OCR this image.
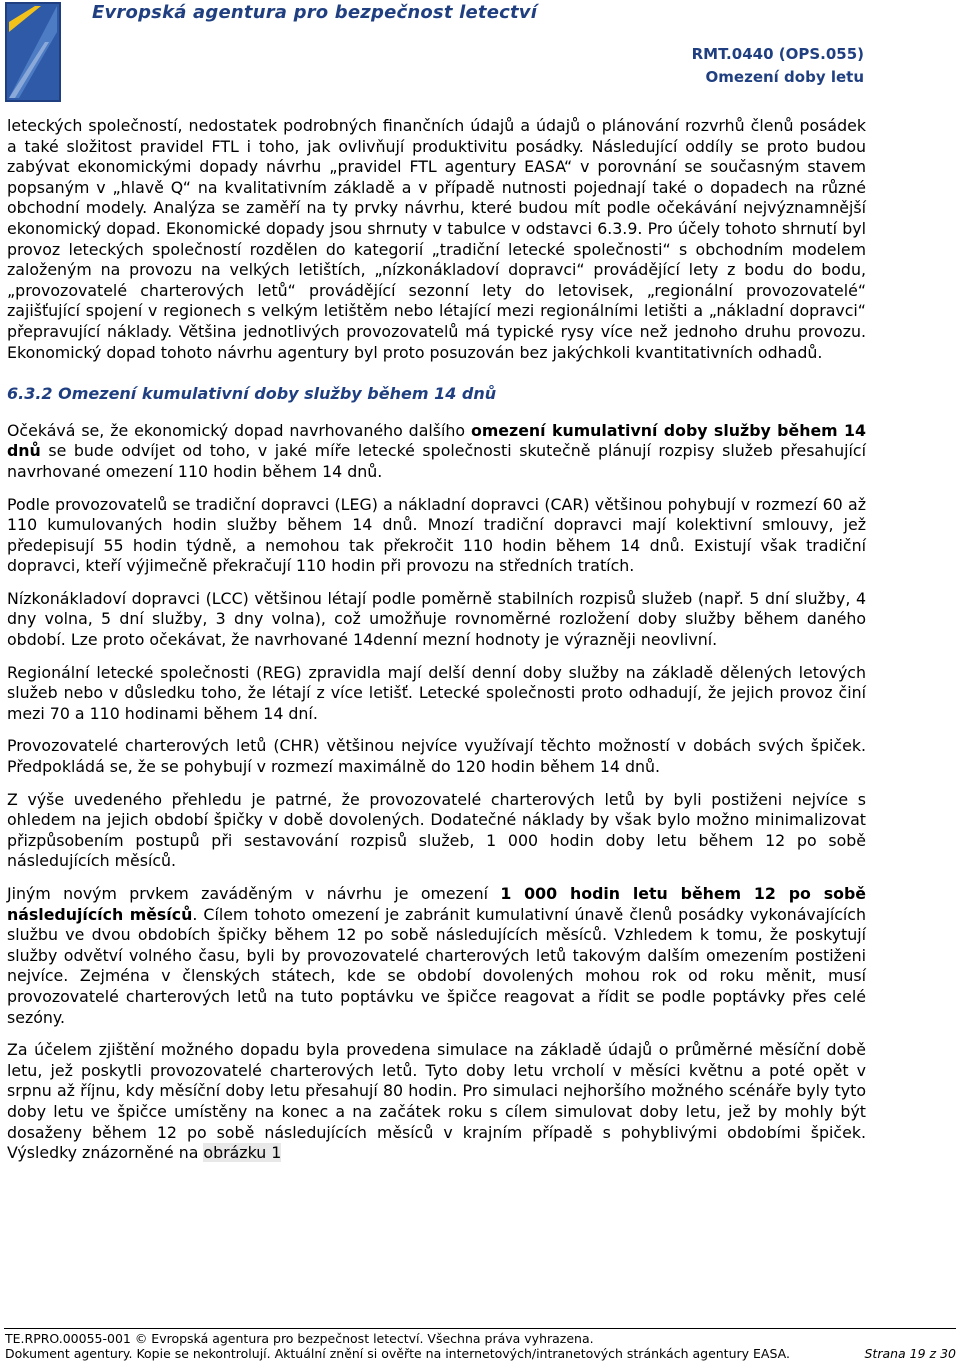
Evropská agentura pro bezpečnost letectví
RMT.0440 (OPS.055)
Omezení doby letu

leteckých společností, nedostatek podrobných finančních údajů a údajů o plánování rozvrhů členů posádek a také složitost pravidel FTL i toho, jak ovlivňují produktivitu posádky. Následující oddíly se proto budou zabývat ekonomickými dopady návrhu „pravidel FTL agentury EASA“ v porovnání se současným stavem popsaným v „hlavě Q“ na kvalitativním základě a v případě nutnosti pojednají také o dopadech na různé obchodní modely. Analýza se zaměří na ty prvky návrhu, které budou mít podle očekávání nejvýznamnější ekonomický dopad. Ekonomické dopady jsou shrnuty v tabulce v odstavci 6.3.9. Pro účely tohoto shrnutí byl provoz leteckých společností rozdělen do kategorií „tradiční letecké společnosti“ s obchodním modelem založeným na provozu na velkých letištích, „nízkonákladoví dopravci“ provádějící lety z bodu do bodu, „provozovatelé charterových letů“ provádějící sezonní lety do letovisek, „regionální provozovatelé“ zajišťující spojení v regionech s velkým letištěm nebo létající mezi regionálními letišti a „nákladní dopravci“ přepravující náklady. Většina jednotlivých provozovatelů má typické rysy více než jednoho druhu provozu. Ekonomický dopad tohoto návrhu agentury byl proto posuzován bez jakýchkoli kvantitativních odhadů.

6.3.2 Omezení kumulativní doby služby během 14 dnů

Očekává se, že ekonomický dopad navrhovaného dalšího omezení kumulativní doby služby během 14 dnů se bude odvíjet od toho, v jaké míře letecké společnosti skutečně plánují rozpisy služeb přesahující navrhované omezení 110 hodin během 14 dnů.

Podle provozovatelů se tradiční dopravci (LEG) a nákladní dopravci (CAR) většinou pohybují v rozmezí 60 až 110 kumulovaných hodin služby během 14 dnů. Mnozí tradiční dopravci mají kolektivní smlouvy, jež předepisují 55 hodin týdně, a nemohou tak překročit 110 hodin během 14 dnů. Existují však tradiční dopravci, kteří výjimečně překračují 110 hodin při provozu na středních tratích.

Nízkonákladoví dopravci (LCC) většinou létají podle poměrně stabilních rozpisů služeb (např. 5 dní služby, 4 dny volna, 5 dní služby, 3 dny volna), což umožňuje rovnoměrné rozložení doby služby během daného období. Lze proto očekávat, že navrhované 14denní mezní hodnoty je výrazněji neovlivní.

Regionální letecké společnosti (REG) zpravidla mají delší denní doby služby na základě dělených letových služeb nebo v důsledku toho, že létají z více letišť. Letecké společnosti proto odhadují, že jejich provoz činí mezi 70 a 110 hodinami během 14 dní.

Provozovatelé charterových letů (CHR) většinou nejvíce využívají těchto možností v dobách svých špiček. Předpokládá se, že se pohybují v rozmezí maximálně do 120 hodin během 14 dnů.

Z výše uvedeného přehledu je patrné, že provozovatelé charterových letů by byli postiženi nejvíce s ohledem na jejich období špičky v době dovolených. Dodatečné náklady by však bylo možno minimalizovat přizpůsobením postupů při sestavování rozpisů služeb, 1 000 hodin doby letu během 12 po sobě následujících měsíců.

Jiným novým prvkem zaváděným v návrhu je omezení 1 000 hodin letu během 12 po sobě následujících měsíců. Cílem tohoto omezení je zabránit kumulativní únavě členů posádky vykonávajících službu ve dvou obdobích špičky během 12 po sobě následujících měsíců. Vzhledem k tomu, že poskytují služby odvětví volného času, byli by provozovatelé charterových letů takovým dalším omezením postiženi nejvíce. Zejména v členských státech, kde se období dovolených mohou rok od roku měnit, musí provozovatelé charterových letů na tuto poptávku ve špičce reagovat a řídit se podle poptávky přes celé sezóny.

Za účelem zjištění možného dopadu byla provedena simulace na základě údajů o průměrné měsíční době letu, jež poskytli provozovatelé charterových letů. Tyto doby letu vrcholí v měsíci květnu a poté opět v srpnu až říjnu, kdy měsíční doby letu přesahují 80 hodin. Pro simulaci nejhoršího možného scénáře byly tyto doby letu ve špičce umístěny na konec a na začátek roku s cílem simulovat doby letu, jež by mohly být dosaženy během 12 po sobě následujících měsíců v krajním případě s pohyblivými obdobími špiček. Výsledky znázorněné na obrázku 1

TE.RPRO.00055-001 © Evropská agentura pro bezpečnost letectví. Všechna práva vyhrazena.
Dokument agentury. Kopie se nekontrolují. Aktuální znění si ověřte na internetových/intranetových stránkách agentury EASA.	Strana 19 z 30
